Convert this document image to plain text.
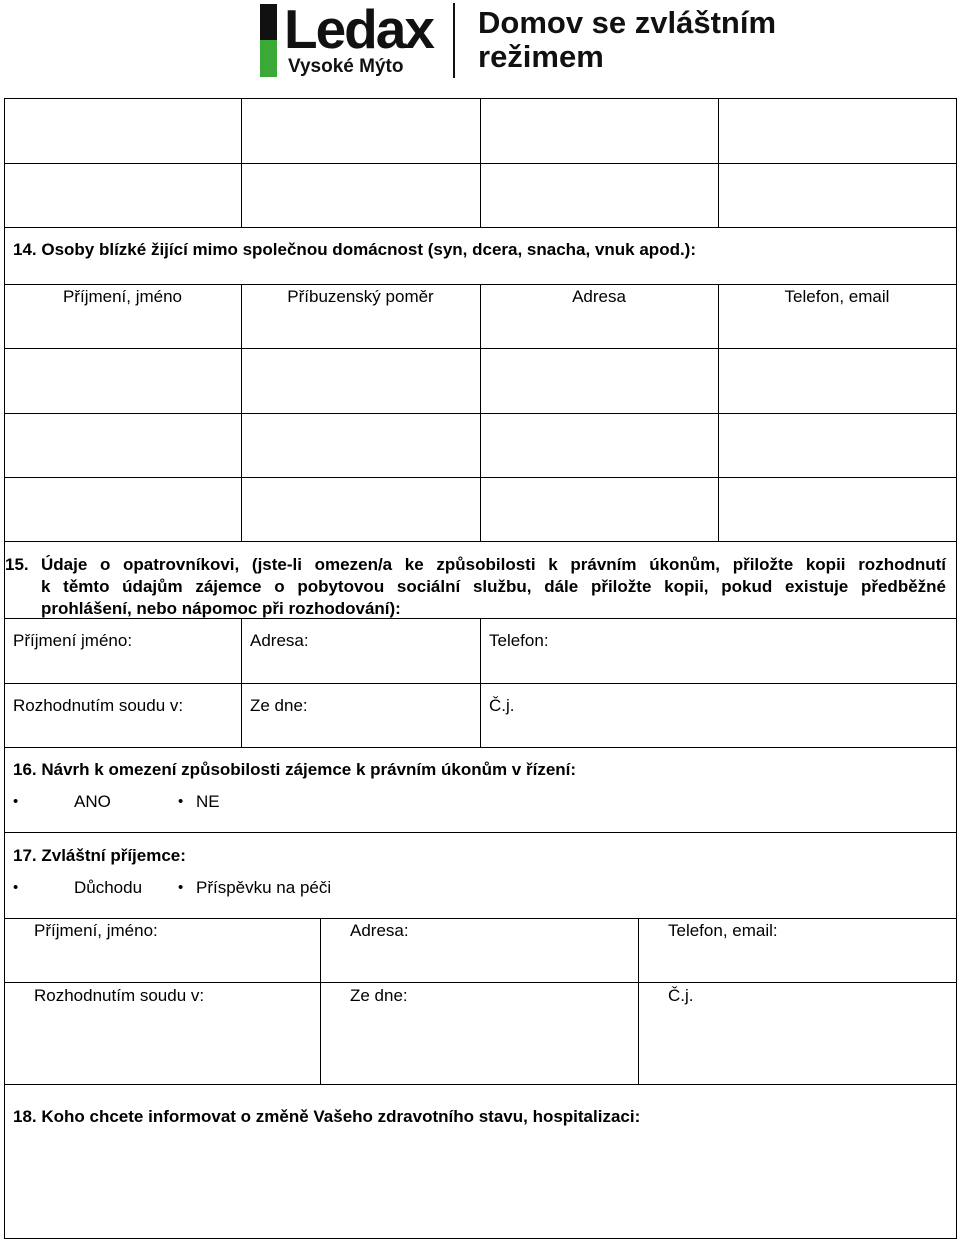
Ledax
Vysoké Mýto
Domov se zvláštním
režimem
14. Osoby blízké žijící mimo společnou domácnost (syn, dcera, snacha, vnuk apod.):
Příjmení, jméno	Příbuzenský poměr	Adresa	Telefon, email
15. Údaje o opatrovníkovi, (jste-li omezen/a ke způsobilosti k právním úkonům, přiložte kopii rozhodnutí
k těmto údajům zájemce o pobytovou sociální službu, dále přiložte kopii, pokud existuje předběžné
prohlášení, nebo nápomoc při rozhodování):
Příjmení jméno:	Adresa:	Telefon:
Rozhodnutím soudu v:	Ze dne:	Č.j.
16. Návrh k omezení způsobilosti zájemce k právním úkonům v řízení:
•	ANO	• NE
17. Zvláštní příjemce:
•	Důchodu • Příspěvku na péči
Příjmení, jméno:	Adresa:	Telefon, email:
Rozhodnutím soudu v:	Ze dne:	Č.j.
18. Koho chcete informovat o změně Vašeho zdravotního stavu, hospitalizaci:
